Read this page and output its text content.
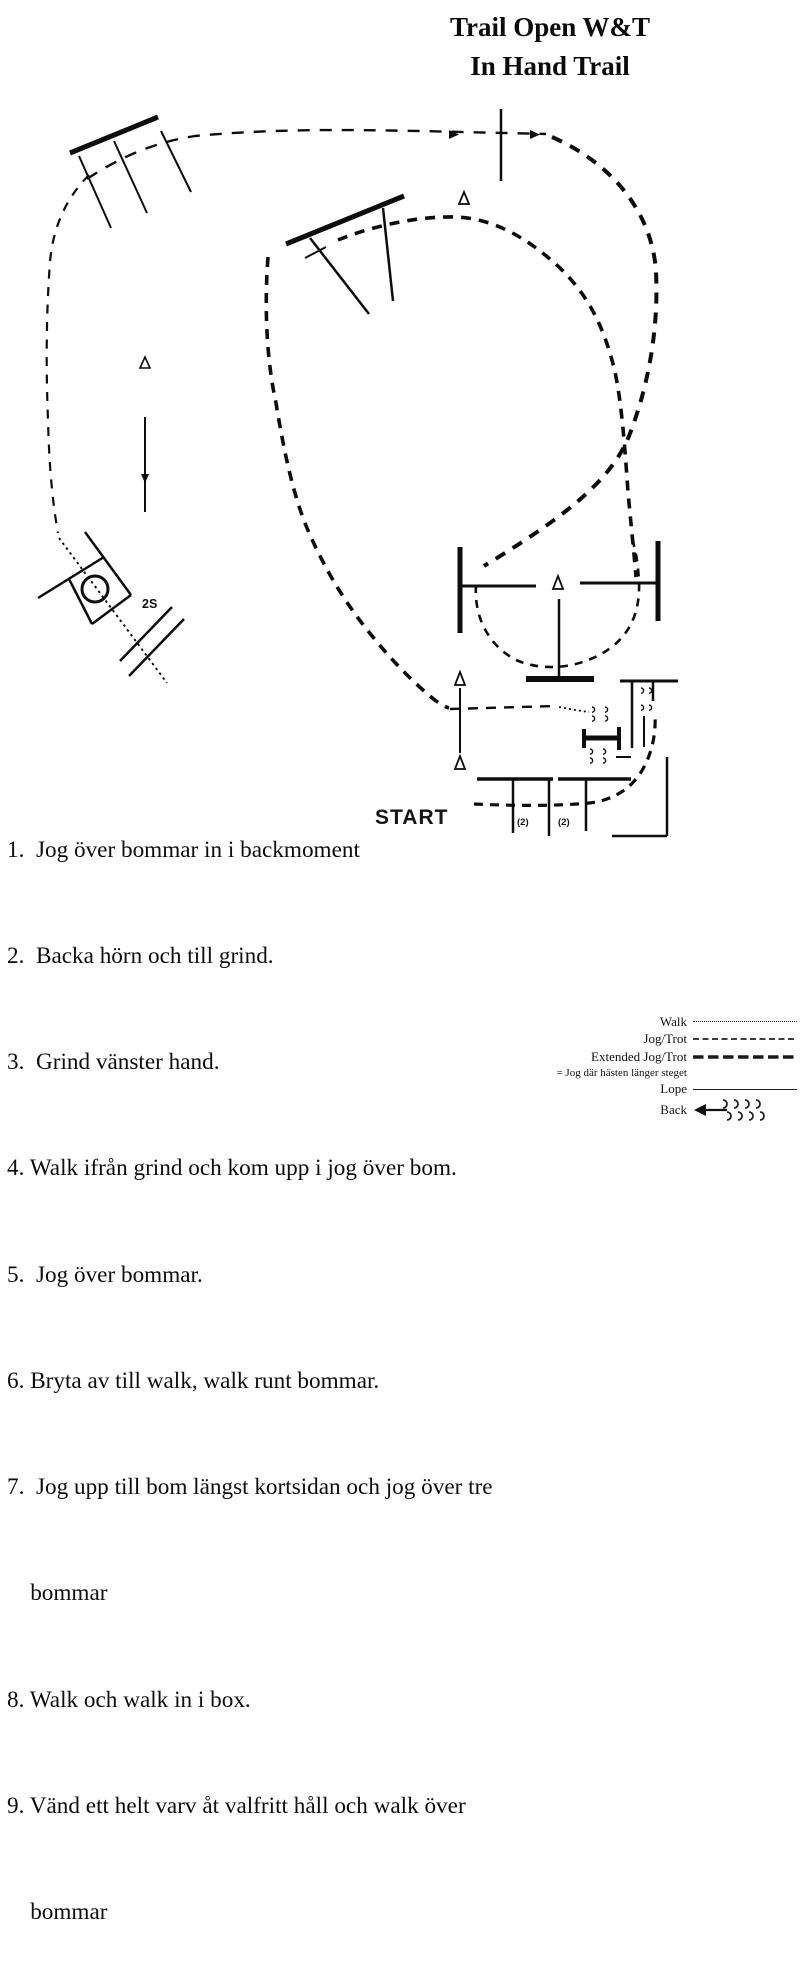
2S
(2)	(2)
Trail Open W&T
In Hand Trail

1.  Jog över bommar in i backmoment

2.  Backa hörn och till grind.

3.  Grind vänster hand.

4. Walk ifrån grind och kom upp i jog över bom.

5.  Jog över bommar.

6. Bryta av till walk, walk runt bommar.

7.  Jog upp till bom längst kortsidan och jog över tre

bommar

8. Walk och walk in i box.

9. Vänd ett helt varv åt valfritt håll och walk över

bommar

START
Walk
Jog/Trot
Extended Jog/Trot
= Jog där hästen länger steget
Lope
Back
